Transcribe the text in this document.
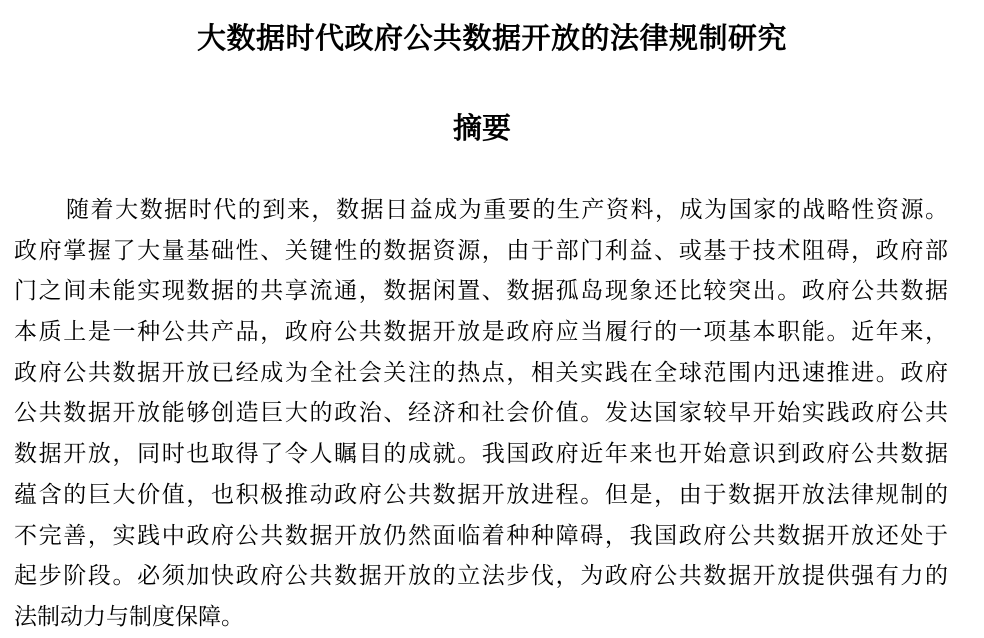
大数据时代政府公共数据开放的法律规制研究
摘要
随着大数据时代的到来，数据日益成为重要的生产资料，成为国家的战略性资源。
政府掌握了大量基础性、关键性的数据资源，由于部门利益、或基于技术阻碍，政府部
门之间未能实现数据的共享流通，数据闲置、数据孤岛现象还比较突出。政府公共数据
本质上是一种公共产品，政府公共数据开放是政府应当履行的一项基本职能。近年来，
政府公共数据开放已经成为全社会关注的热点，相关实践在全球范围内迅速推进。政府
公共数据开放能够创造巨大的政治、经济和社会价值。发达国家较早开始实践政府公共
数据开放，同时也取得了令人瞩目的成就。我国政府近年来也开始意识到政府公共数据
蕴含的巨大价值，也积极推动政府公共数据开放进程。但是，由于数据开放法律规制的
不完善，实践中政府公共数据开放仍然面临着种种障碍，我国政府公共数据开放还处于
起步阶段。必须加快政府公共数据开放的立法步伐，为政府公共数据开放提供强有力的
法制动力与制度保障。
